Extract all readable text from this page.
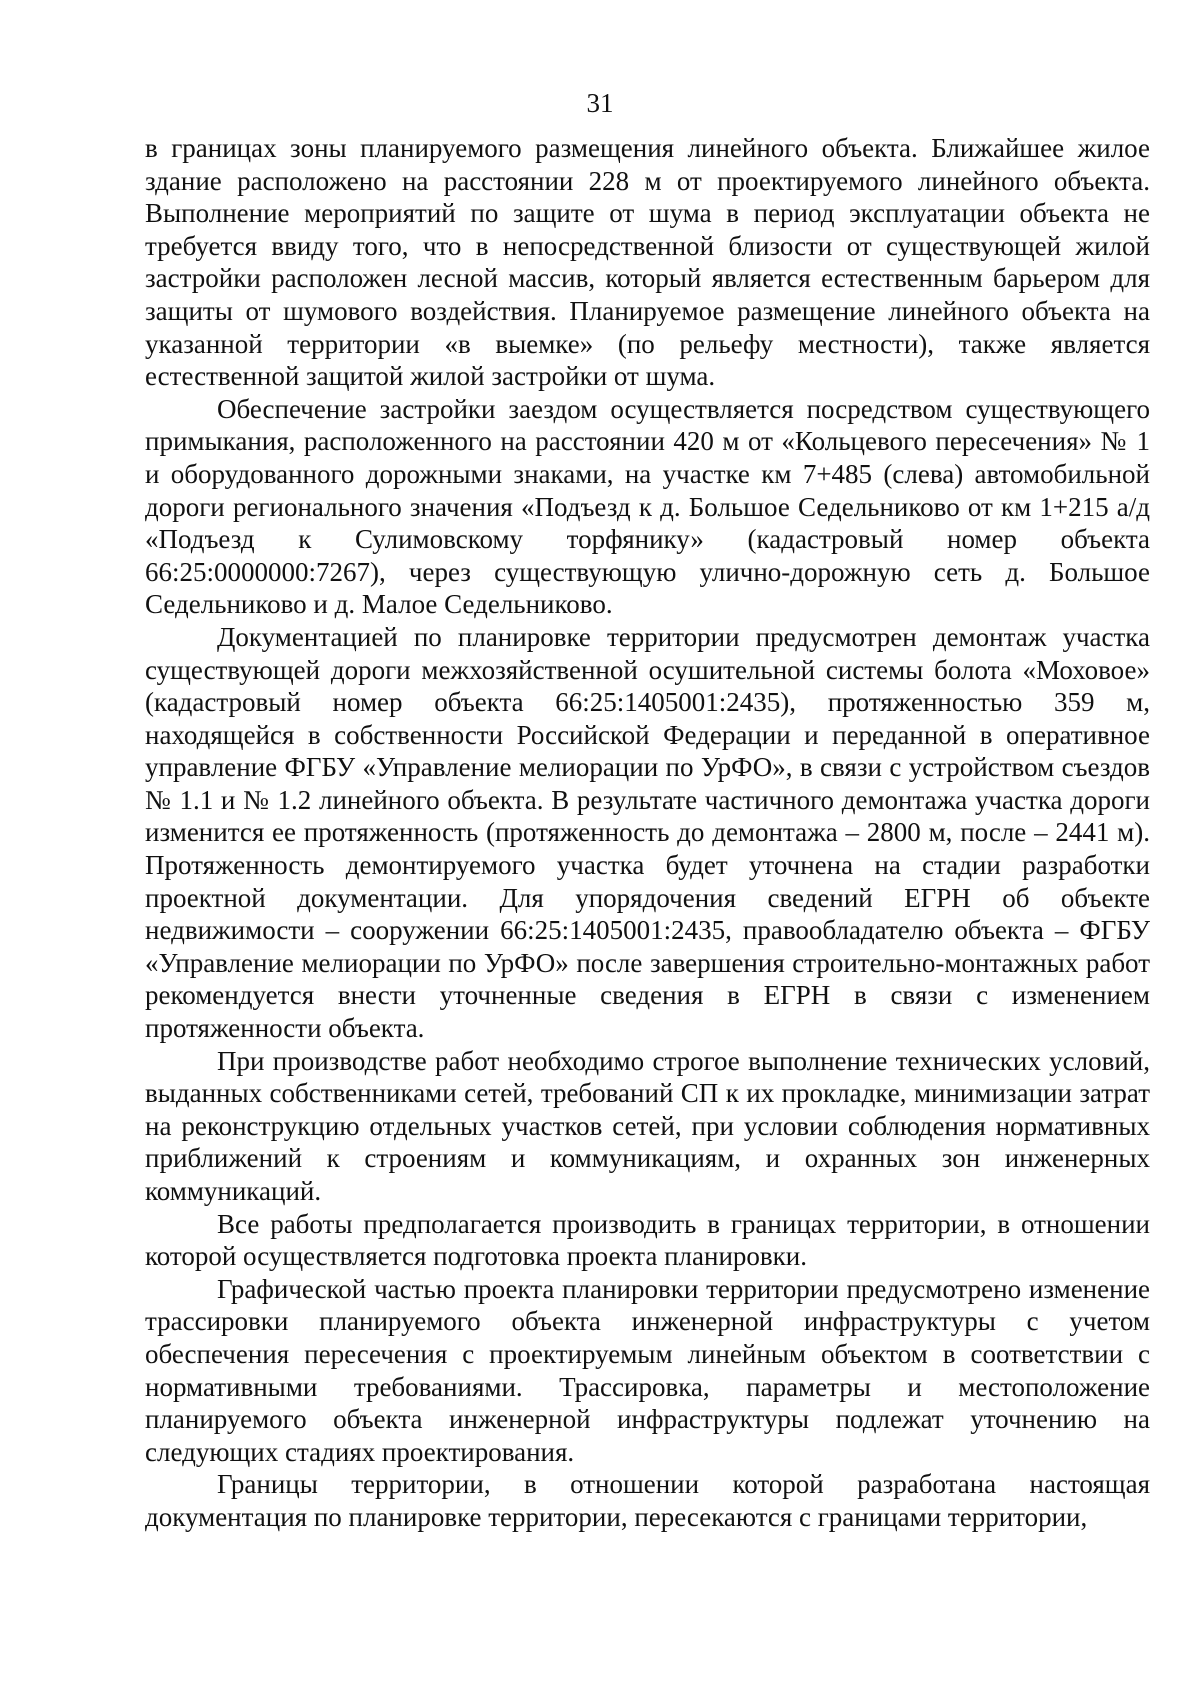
31

в границах зоны планируемого размещения линейного объекта. Ближайшее жилое здание расположено на расстоянии 228 м от проектируемого линейного объекта. Выполнение мероприятий по защите от шума в период эксплуатации объекта не требуется ввиду того, что в непосредственной близости от существующей жилой застройки расположен лесной массив, который является естественным барьером для защиты от шумового воздействия. Планируемое размещение линейного объекта на указанной территории «в выемке» (по рельефу местности), также является естественной защитой жилой застройки от шума.

Обеспечение застройки заездом осуществляется посредством существующего примыкания, расположенного на расстоянии 420 м от «Кольцевого пересечения» № 1 и оборудованного дорожными знаками, на участке км 7+485 (слева) автомобильной дороги регионального значения «Подъезд к д. Большое Седельниково от км 1+215 а/д «Подъезд к Сулимовскому торфянику» (кадастровый номер объекта 66:25:0000000:7267), через существующую улично-дорожную сеть д. Большое Седельниково и д. Малое Седельниково.

Документацией по планировке территории предусмотрен демонтаж участка существующей дороги межхозяйственной осушительной системы болота «Моховое» (кадастровый номер объекта 66:25:1405001:2435), протяженностью 359 м, находящейся в собственности Российской Федерации и переданной в оперативное управление ФГБУ «Управление мелиорации по УрФО», в связи с устройством съездов № 1.1 и № 1.2 линейного объекта. В результате частичного демонтажа участка дороги изменится ее протяженность (протяженность до демонтажа – 2800 м, после – 2441 м). Протяженность демонтируемого участка будет уточнена на стадии разработки проектной документации. Для упорядочения сведений ЕГРН об объекте недвижимости – сооружении 66:25:1405001:2435, правообладателю объекта – ФГБУ «Управление мелиорации по УрФО» после завершения строительно-монтажных работ рекомендуется внести уточненные сведения в ЕГРН в связи с изменением протяженности объекта.

При производстве работ необходимо строгое выполнение технических условий, выданных собственниками сетей, требований СП к их прокладке, минимизации затрат на реконструкцию отдельных участков сетей, при условии соблюдения нормативных приближений к строениям и коммуникациям, и охранных зон инженерных коммуникаций.

Все работы предполагается производить в границах территории, в отношении которой осуществляется подготовка проекта планировки.

Графической частью проекта планировки территории предусмотрено изменение трассировки планируемого объекта инженерной инфраструктуры с учетом обеспечения пересечения с проектируемым линейным объектом в соответствии с нормативными требованиями. Трассировка, параметры и местоположение планируемого объекта инженерной инфраструктуры подлежат уточнению на следующих стадиях проектирования.

Границы территории, в отношении которой разработана настоящая документация по планировке территории, пересекаются с границами территории,
